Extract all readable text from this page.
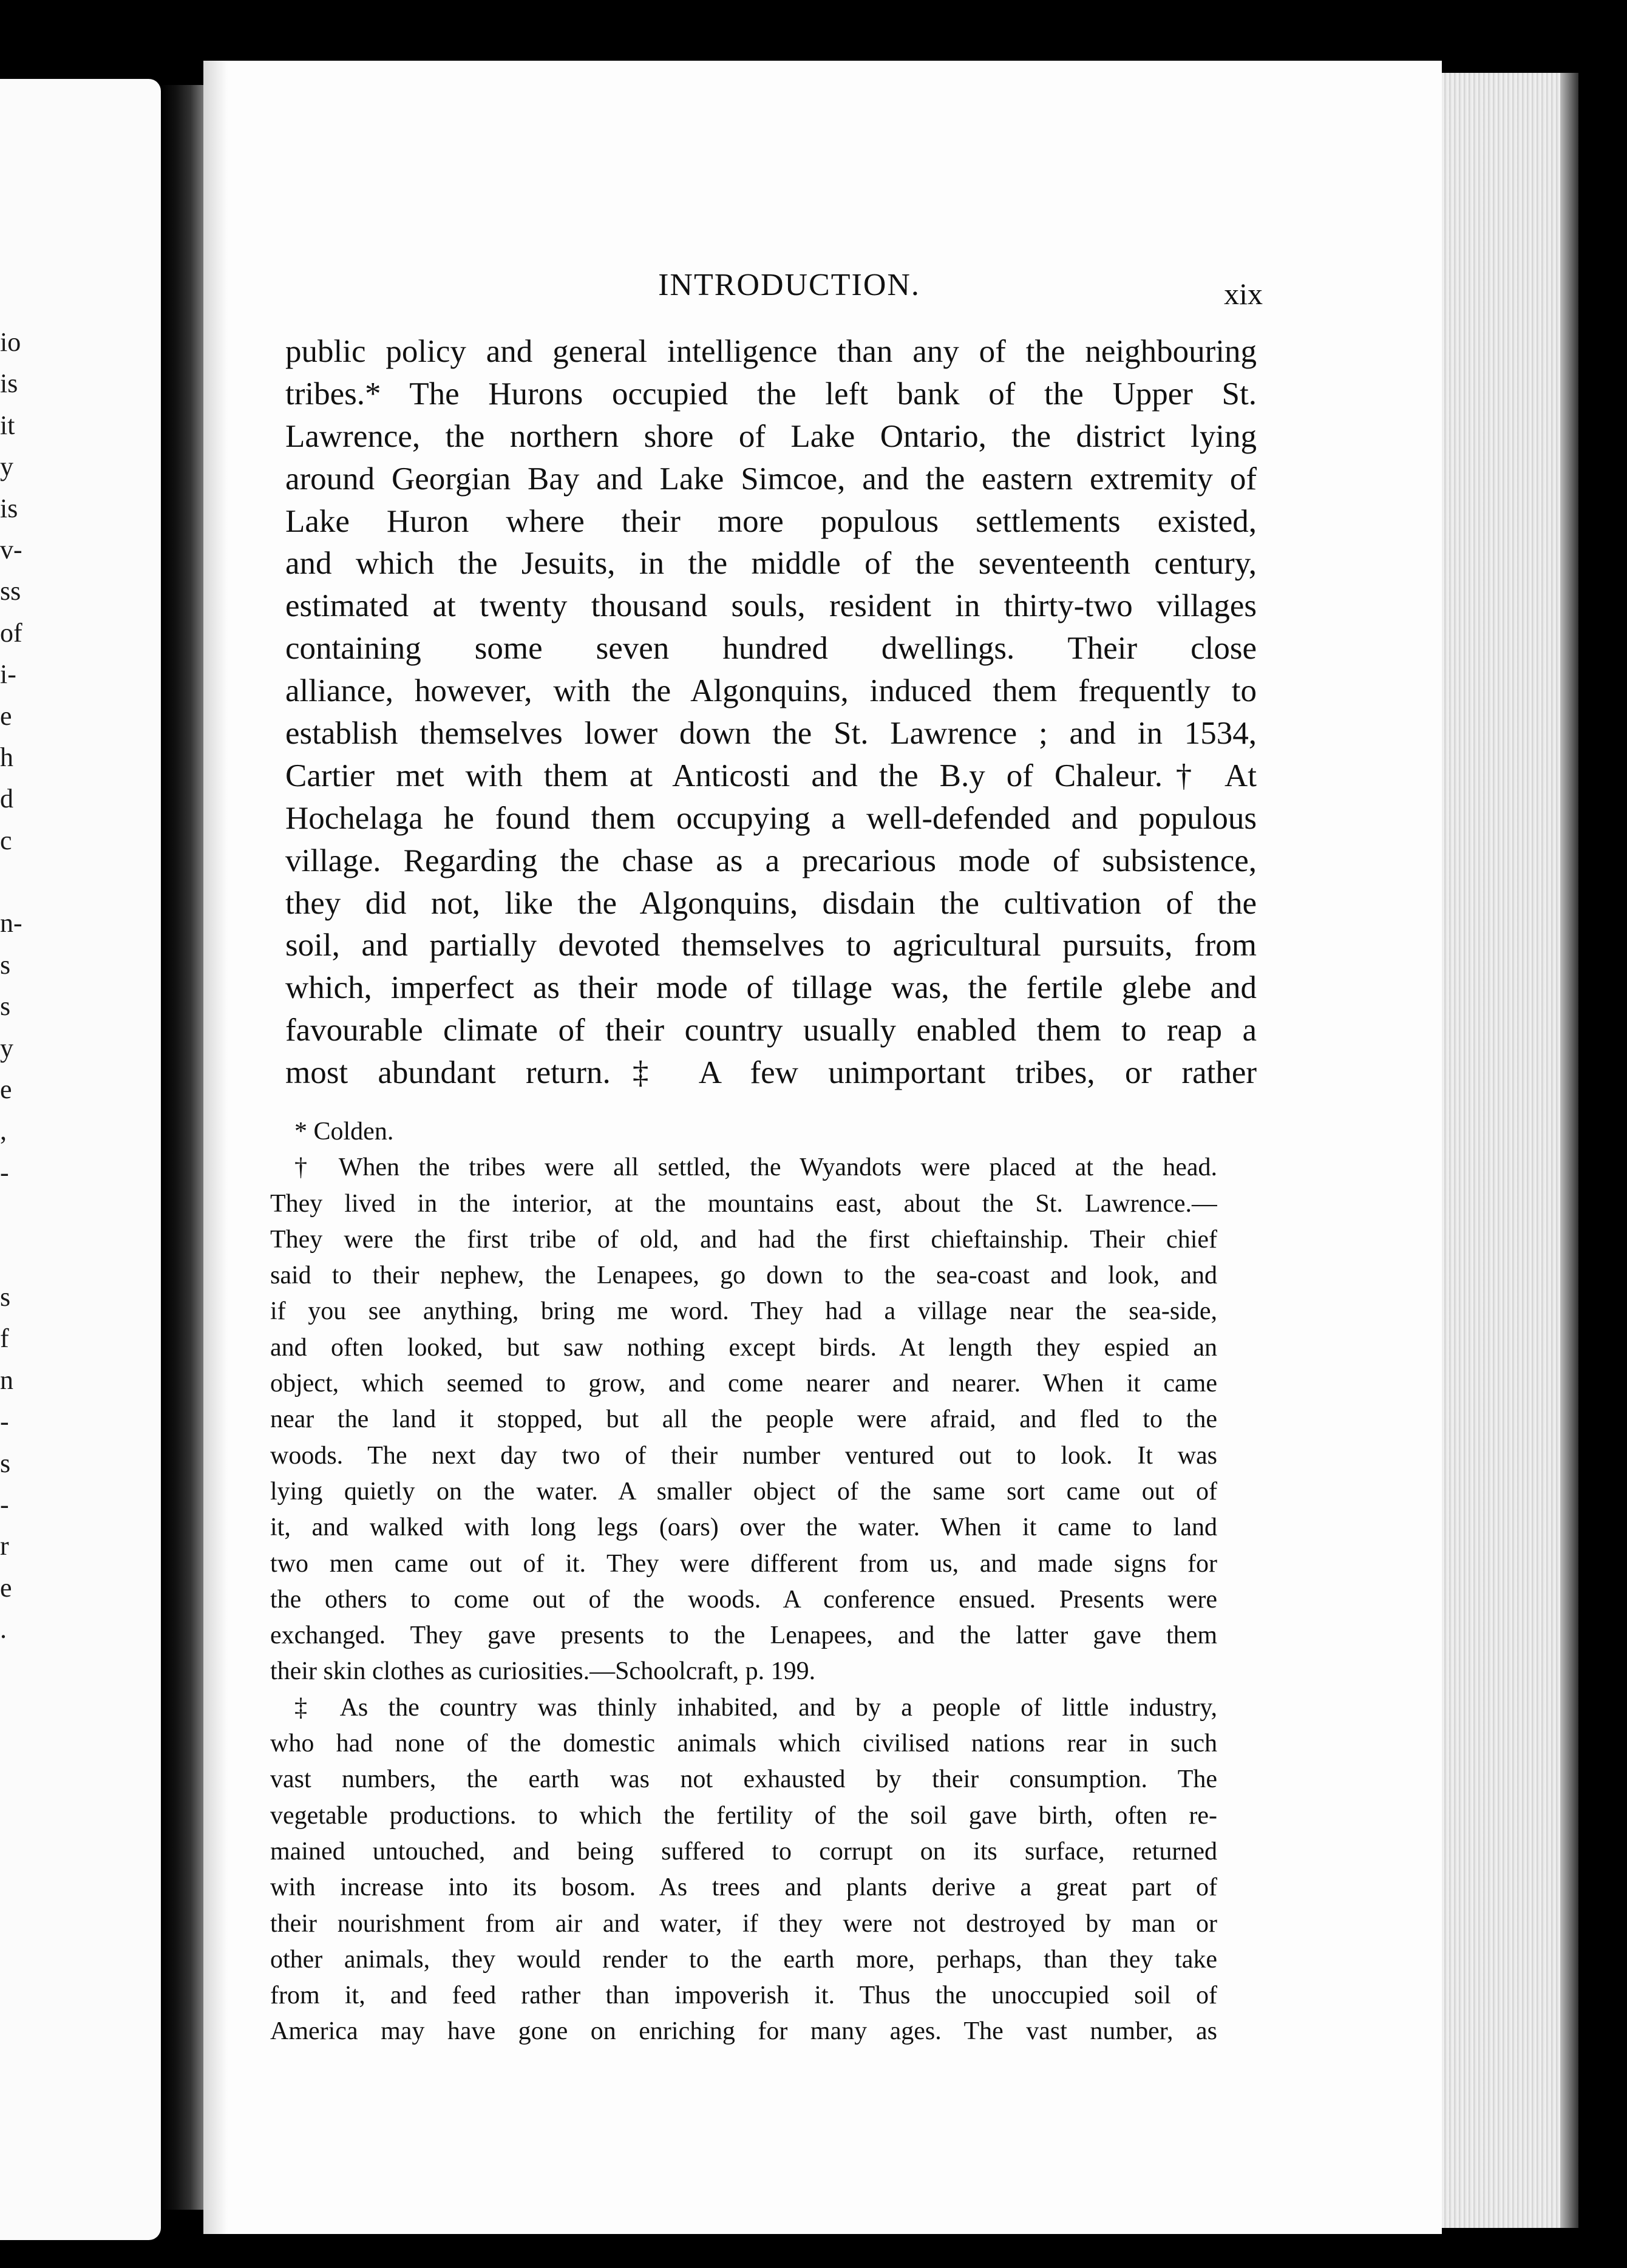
io
is
it
y
is
v-
ss
of
i-
e
h
d
c
n-
s
s
y
e
,
-
s
f
n
-
s
-
r
e
.
INTRODUCTION.	xix
public policy and general intelligence than any of the neighbouring
tribes.* The Hurons occupied the left bank of the Upper St.
Lawrence, the northern shore of Lake Ontario, the district lying
around Georgian Bay and Lake Simcoe, and the eastern extremity of
Lake Huron where their more populous settlements existed,
and which the Jesuits, in the middle of the seventeenth century,
estimated at twenty thousand souls, resident in thirty-two villages
containing some seven hundred dwellings. Their close
alliance, however, with the Algonquins, induced them frequently to
establish themselves lower down the St. Lawrence ; and in 1534,
Cartier met with them at Anticosti and the B.y of Chaleur.† At
Hochelaga he found them occupying a well-defended and populous
village. Regarding the chase as a precarious mode of subsistence,
they did not, like the Algonquins, disdain the cultivation of the
soil, and partially devoted themselves to agricultural pursuits, from
which, imperfect as their mode of tillage was, the fertile glebe and
favourable climate of their country usually enabled them to reap a
most abundant return.‡ A few unimportant tribes, or rather
* Colden.
† When the tribes were all settled, the Wyandots were placed at the head.
They lived in the interior, at the mountains east, about the St. Lawrence.—
They were the first tribe of old, and had the first chieftainship. Their chief
said to their nephew, the Lenapees, go down to the sea-coast and look, and
if you see anything, bring me word. They had a village near the sea-side,
and often looked, but saw nothing except birds. At length they espied an
object, which seemed to grow, and come nearer and nearer. When it came
near the land it stopped, but all the people were afraid, and fled to the
woods. The next day two of their number ventured out to look. It was
lying quietly on the water. A smaller object of the same sort came out of
it, and walked with long legs (oars) over the water. When it came to land
two men came out of it. They were different from us, and made signs for
the others to come out of the woods. A conference ensued. Presents were
exchanged. They gave presents to the Lenapees, and the latter gave them
their skin clothes as curiosities.—Schoolcraft, p. 199.
‡ As the country was thinly inhabited, and by a people of little industry,
who had none of the domestic animals which civilised nations rear in such
vast numbers, the earth was not exhausted by their consumption. The
vegetable productions. to which the fertility of the soil gave birth, often re-
mained untouched, and being suffered to corrupt on its surface, returned
with increase into its bosom. As trees and plants derive a great part of
their nourishment from air and water, if they were not destroyed by man or
other animals, they would render to the earth more, perhaps, than they take
from it, and feed rather than impoverish it. Thus the unoccupied soil of
America may have gone on enriching for many ages. The vast number, as
